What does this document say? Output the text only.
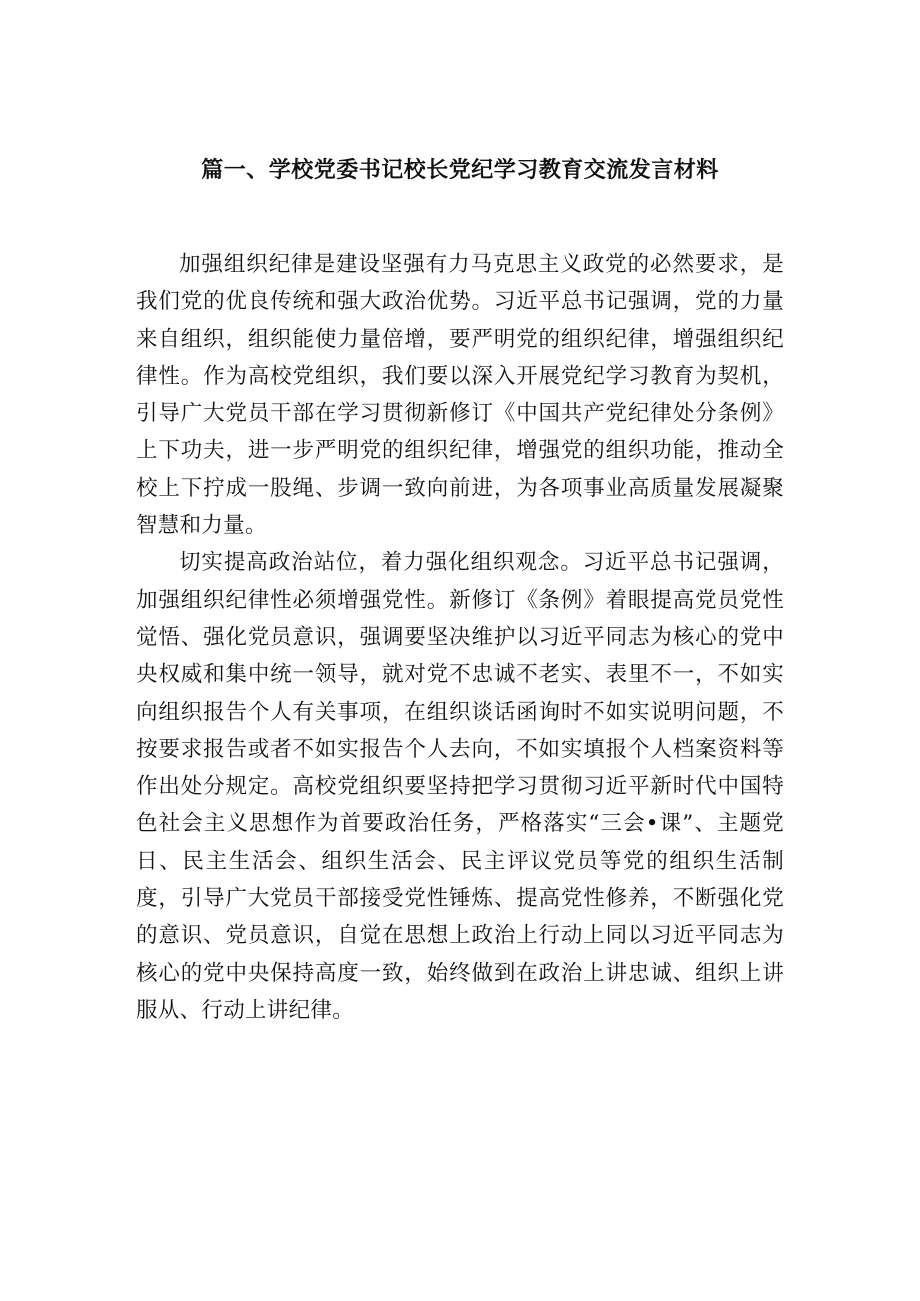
篇一、学校党委书记校长党纪学习教育交流发言材料

加强组织纪律是建设坚强有力马克思主义政党的必然要求，是我们党的优良传统和强大政治优势。习近平总书记强调，党的力量来自组织，组织能使力量倍增，要严明党的组织纪律，增强组织纪律性。作为高校党组织，我们要以深入开展党纪学习教育为契机，引导广大党员干部在学习贯彻新修订《中国共产党纪律处分条例》上下功夫，进一步严明党的组织纪律，增强党的组织功能，推动全校上下拧成一股绳、步调一致向前进，为各项事业高质量发展凝聚智慧和力量。

切实提高政治站位，着力强化组织观念。习近平总书记强调，加强组织纪律性必须增强党性。新修订《条例》着眼提高党员党性觉悟、强化党员意识，强调要坚决维护以习近平同志为核心的党中央权威和集中统一领导，就对党不忠诚不老实、表里不一，不如实向组织报告个人有关事项，在组织谈话函询时不如实说明问题，不按要求报告或者不如实报告个人去向，不如实填报个人档案资料等作出处分规定。高校党组织要坚持把学习贯彻习近平新时代中国特色社会主义思想作为首要政治任务，严格落实“三会•课”、主题党日、民主生活会、组织生活会、民主评议党员等党的组织生活制度，引导广大党员干部接受党性锤炼、提高党性修养，不断强化党的意识、党员意识，自觉在思想上政治上行动上同以习近平同志为核心的党中央保持高度一致，始终做到在政治上讲忠诚、组织上讲服从、行动上讲纪律。
